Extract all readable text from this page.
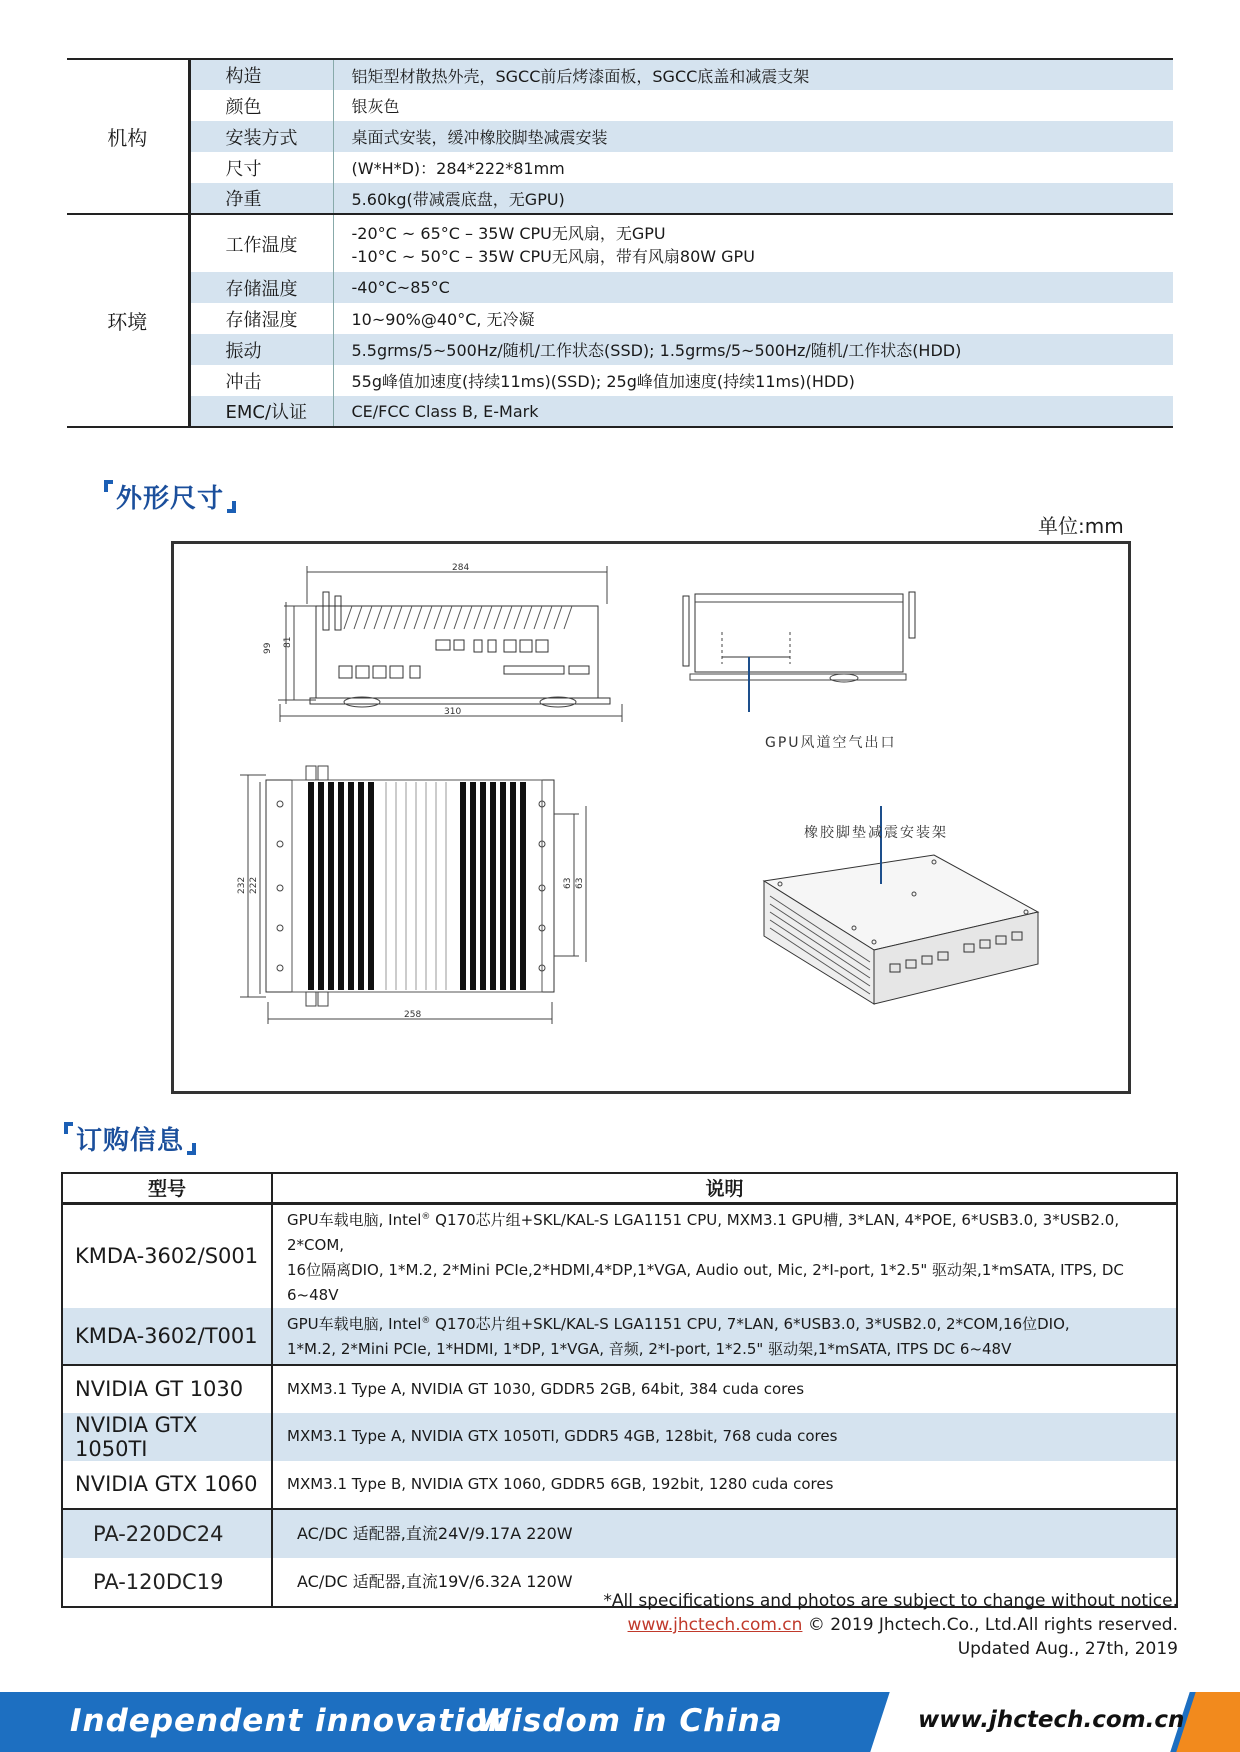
机构	构造	铝矩型材散热外壳，SGCC前后烤漆面板，SGCC底盖和减震支架
	颜色	银灰色
	安装方式	桌面式安装，缓冲橡胶脚垫减震安装
	尺寸	(W*H*D)：284*222*81mm
	净重	5.60kg(带减震底盘，无GPU)
环境	工作温度	-20°C ~ 65°C – 35W CPU无风扇，无GPU
-10°C ~ 50°C – 35W CPU无风扇，带有风扇80W GPU

	存储温度	-40°C~85°C
	存储湿度	10~90%@40°C, 无冷凝
	振动	5.5grms/5~500Hz/随机/工作状态(SSD); 1.5grms/5~500Hz/随机/工作状态(HDD)
	冲击	55g峰值加速度(持续11ms)(SSD); 25g峰值加速度(持续11ms)(HDD)
	EMC/认证	CE/FCC Class B, E-Mark
外形尺寸
单位:mm
284
310
99
81
232 222
258
63 63
GPU风道空气出口
橡胶脚垫减震安装架
订购信息
型号	说明
KMDA-3602/S001	GPU车载电脑, Intel® Q170芯片组+SKL/KAL-S LGA1151 CPU, MXM3.1 GPU槽, 3*LAN, 4*POE, 6*USB3.0, 3*USB2.0, 2*COM,
16位隔离DIO, 1*M.2, 2*Mini PCIe,2*HDMI,4*DP,1*VGA, Audio out, Mic, 2*I-port, 1*2.5" 驱动架,1*mSATA, ITPS, DC 6~48V
KMDA-3602/T001	GPU车载电脑, Intel® Q170芯片组+SKL/KAL-S LGA1151 CPU, 7*LAN, 6*USB3.0, 3*USB2.0, 2*COM,16位DIO,
1*M.2, 2*Mini PCIe, 1*HDMI, 1*DP, 1*VGA, 音频, 2*I-port, 1*2.5" 驱动架,1*mSATA, ITPS DC 6~48V
NVIDIA GT 1030	MXM3.1 Type A, NVIDIA GT 1030, GDDR5 2GB, 64bit, 384 cuda cores
NVIDIA GTX 1050TI	MXM3.1 Type A, NVIDIA GTX 1050TI, GDDR5 4GB, 128bit, 768 cuda cores
NVIDIA GTX 1060	MXM3.1 Type B, NVIDIA GTX 1060, GDDR5 6GB, 192bit, 1280 cuda cores
PA-220DC24	AC/DC 适配器,直流24V/9.17A 220W
PA-120DC19	AC/DC 适配器,直流19V/6.32A 120W
*All specifications and photos are subject to change without notice.
www.jhctech.com.cn © 2019 Jhctech.Co., Ltd.All rights reserved.
Updated Aug., 27th, 2019
Independent innovation
Wisdom in China	www.jhctech.com.cn
